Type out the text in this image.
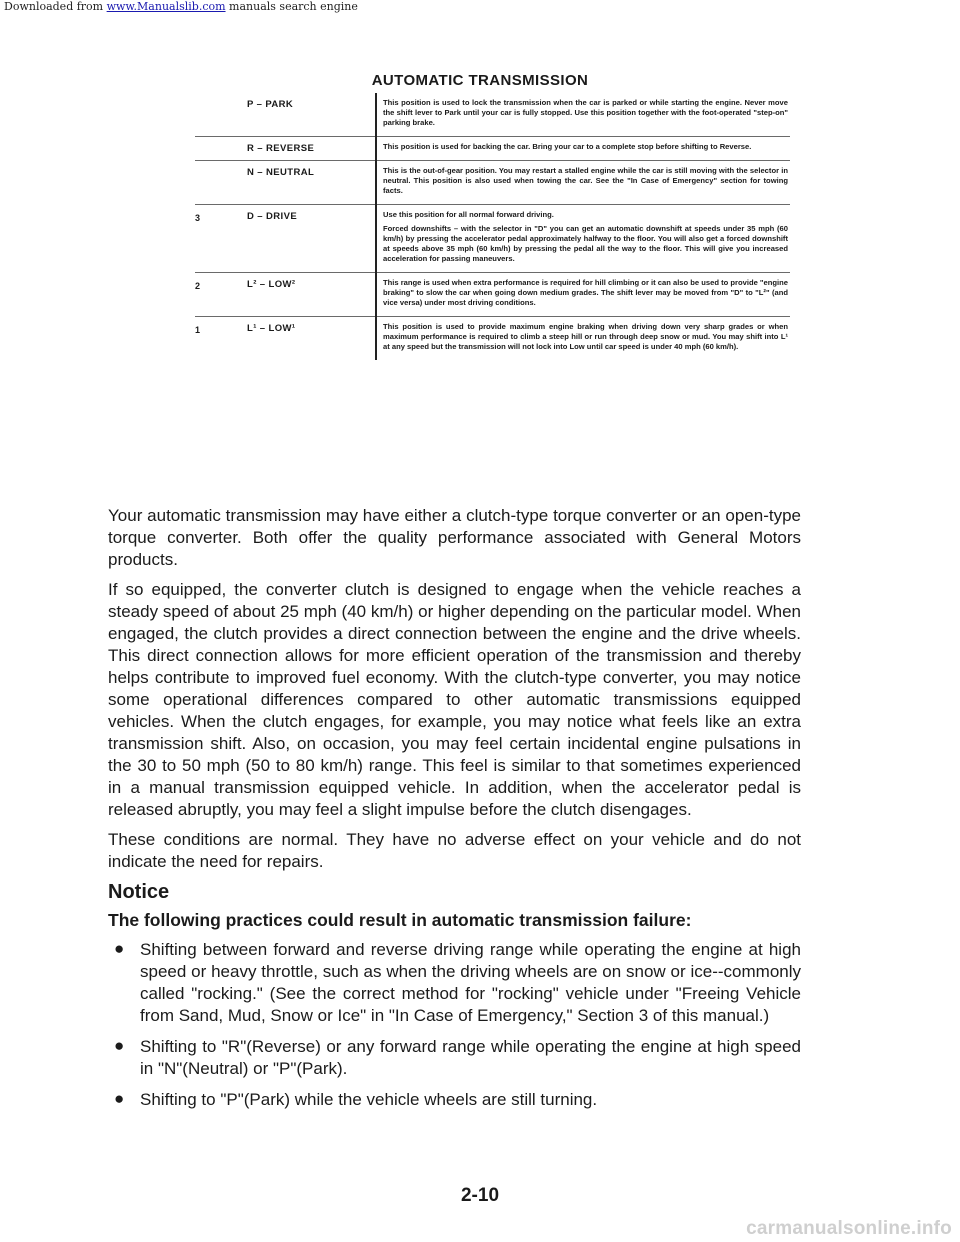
Downloaded from www.Manualslib.com manuals search engine
AUTOMATIC TRANSMISSION
	P – PARK	This position is used to lock the transmission when the car is parked or while starting the engine. Never move the shift lever to Park until your car is fully stopped. Use this position together with the foot-operated "step-on" parking brake.

	R – REVERSE	This position is used for backing the car. Bring your car to a complete stop before shifting to Reverse.

	N – NEUTRAL	This is the out-of-gear position. You may restart a stalled engine while the car is still moving with the selector in neutral. This position is also used when towing the car. See the "In Case of Emergency" section for towing facts.

3	D – DRIVE	Use this position for all normal forward driving.

Forced downshifts – with the selector in "D" you can get an automatic downshift at speeds under 35 mph (60 km/h) by pressing the accelerator pedal approximately halfway to the floor. You will also get a forced downshift at speeds above 35 mph (60 km/h) by pressing the pedal all the way to the floor. This will give you increased acceleration for passing maneuvers.

2	L² – LOW²	This range is used when extra performance is required for hill climbing or it can also be used to provide "engine braking" to slow the car when going down medium grades. The shift lever may be moved from "D" to "L²" (and vice versa) under most driving conditions.

1	L¹ – LOW¹	This position is used to provide maximum engine braking when driving down very sharp grades or when maximum performance is required to climb a steep hill or run through deep snow or mud. You may shift into L¹ at any speed but the transmission will not lock into Low until car speed is under 40 mph (60 km/h).

Your automatic transmission may have either a clutch-type torque converter or an open-type torque converter. Both offer the quality performance associated with General Motors products.

If so equipped, the converter clutch is designed to engage when the vehicle reaches a steady speed of about 25 mph (40 km/h) or higher depending on the particular model. When engaged, the clutch provides a direct connection between the engine and the drive wheels. This direct connection allows for more efficient operation of the transmission and thereby helps contribute to improved fuel economy. With the clutch-type converter, you may notice some operational differences compared to other automatic transmissions equipped vehicles. When the clutch engages, for example, you may notice what feels like an extra transmission shift. Also, on occasion, you may feel certain incidental engine pulsations in the 30 to 50 mph (50 to 80 km/h) range. This feel is similar to that sometimes experienced in a manual transmission equipped vehicle. In addition, when the accelerator pedal is released abruptly, you may feel a slight impulse before the clutch disengages.

These conditions are normal. They have no adverse effect on your vehicle and do not indicate the need for repairs.

Notice

The following practices could result in automatic transmission failure:

● Shifting between forward and reverse driving range while operating the engine at high speed or heavy throttle, such as when the driving wheels are on snow or ice--commonly called "rocking." (See the correct method for "rocking" vehicle under "Freeing Vehicle from Sand, Mud, Snow or Ice" in "In Case of Emergency," Section 3 of this manual.)
● Shifting to "R"(Reverse) or any forward range while operating the engine at high speed in "N"(Neutral) or "P"(Park).
● Shifting to "P"(Park) while the vehicle wheels are still turning.
2-10
carmanualsonline.info
